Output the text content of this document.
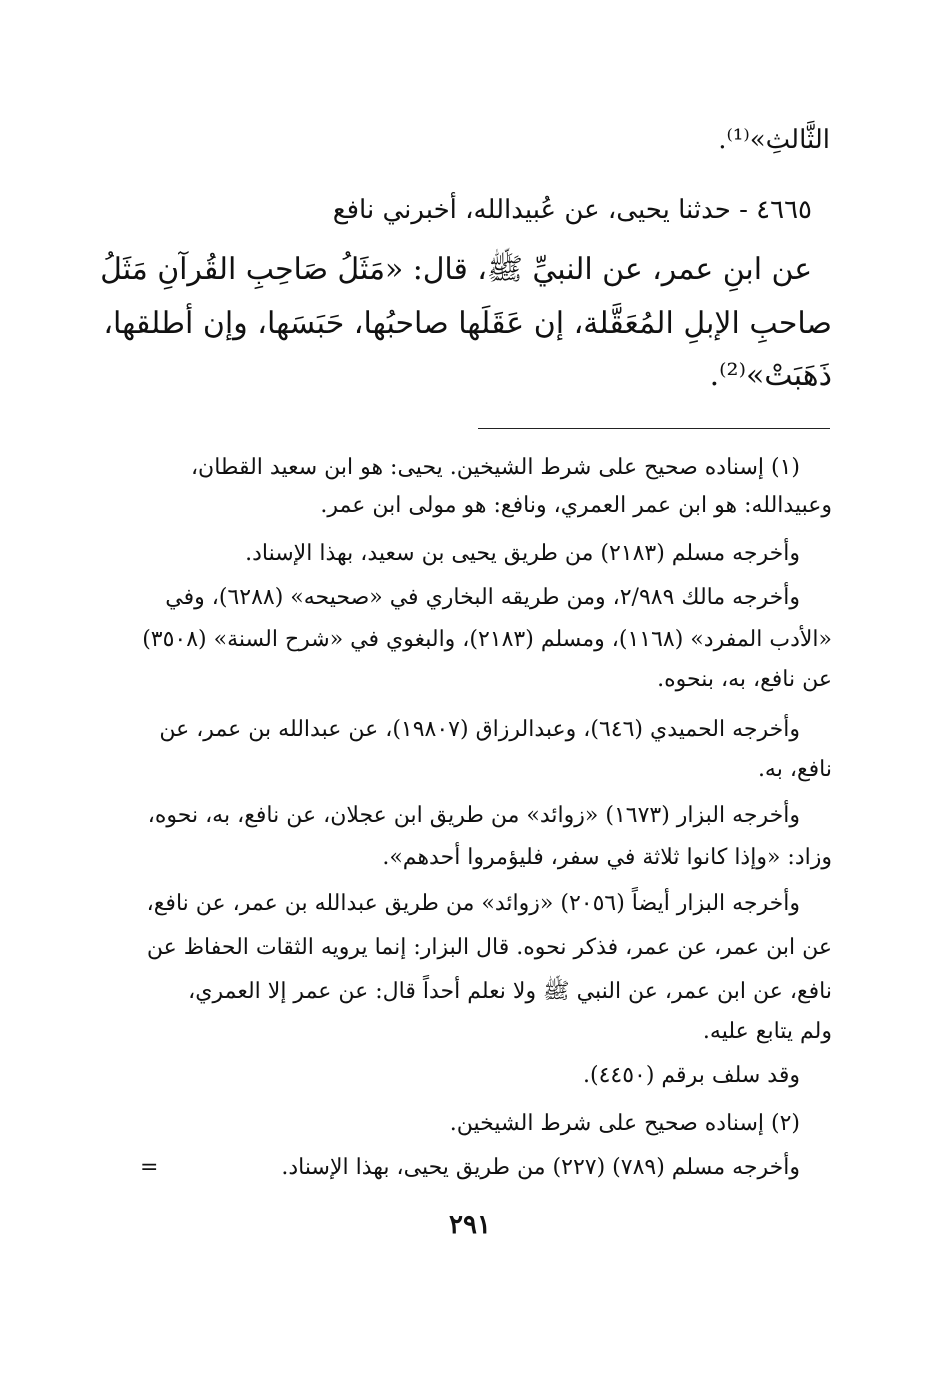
الثَّالثِ»⁽¹⁾.
٤٦٦٥ - حدثنا يحيى، عن عُبيدالله، أخبرني نافع
عن ابنِ عمر، عن النبيِّ ﷺ، قال: «مَثَلُ صَاحِبِ القُرآنِ مَثَلُ
صاحبِ الإبلِ المُعَقَّلة، إن عَقَلَها صاحبُها، حَبَسَها، وإن أطلقها،
ذَهَبَتْ»⁽²⁾.
(١) إسناده صحيح على شرط الشيخين. يحيى: هو ابن سعيد القطان،
وعبيدالله: هو ابن عمر العمري، ونافع: هو مولى ابن عمر.
وأخرجه مسلم (٢١٨٣) من طريق يحيى بن سعيد، بهذا الإسناد.
وأخرجه مالك ٢/٩٨٩، ومن طريقه البخاري في «صحيحه» (٦٢٨٨)، وفي
«الأدب المفرد» (١١٦٨)، ومسلم (٢١٨٣)، والبغوي في «شرح السنة» (٣٥٠٨)
عن نافع، به، بنحوه.
وأخرجه الحميدي (٦٤٦)، وعبدالرزاق (١٩٨٠٧)، عن عبدالله بن عمر، عن
نافع، به.
وأخرجه البزار (١٦٧٣) «زوائد» من طريق ابن عجلان، عن نافع، به، نحوه،
وزاد: «وإذا كانوا ثلاثة في سفر، فليؤمروا أحدهم».
وأخرجه البزار أيضاً (٢٠٥٦) «زوائد» من طريق عبدالله بن عمر، عن نافع،
عن ابن عمر، عن عمر، فذكر نحوه. قال البزار: إنما يرويه الثقات الحفاظ عن
نافع، عن ابن عمر، عن النبي ﷺ ولا نعلم أحداً قال: عن عمر إلا العمري،
ولم يتابع عليه.
وقد سلف برقم (٤٤٥٠).
(٢) إسناده صحيح على شرط الشيخين.
وأخرجه مسلم (٧٨٩) (٢٢٧) من طريق يحيى، بهذا الإسناد.
=
٢٩١
